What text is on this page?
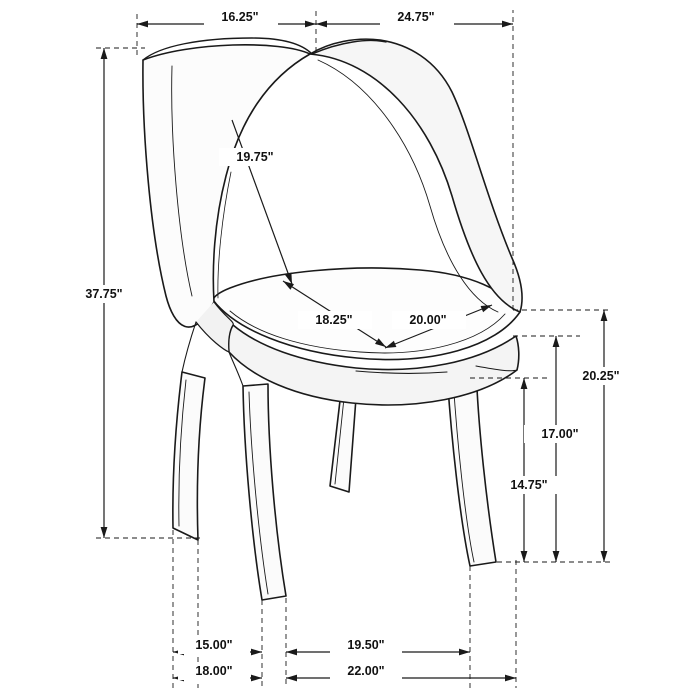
16.25"	24.75"
19.75"
37.75"
18.25"	20.00"
20.25"
17.00"
14.75"
15.00"
18.00"
19.50"
22.00"
